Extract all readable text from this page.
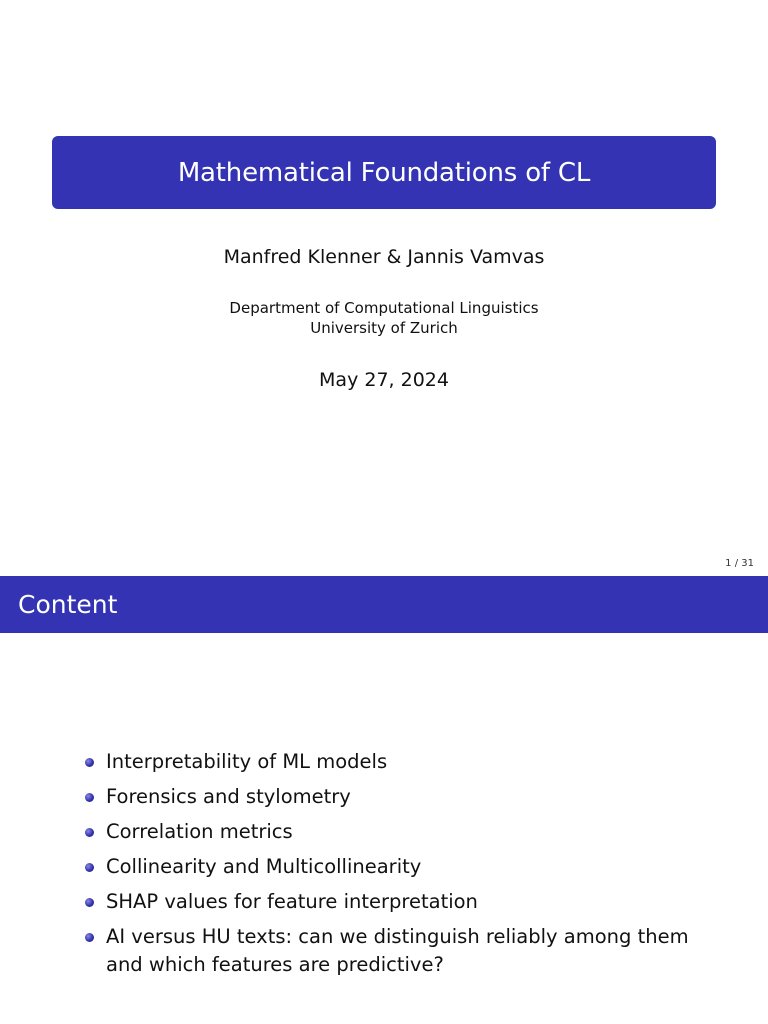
Mathematical Foundations of CL
Manfred Klenner & Jannis Vamvas
Department of Computational Linguistics
University of Zurich
May 27, 2024
1 / 31
Content
Interpretability of ML models
Forensics and stylometry
Correlation metrics
Collinearity and Multicollinearity
SHAP values for feature interpretation
AI versus HU texts: can we distinguish reliably among them and which features are predictive?
